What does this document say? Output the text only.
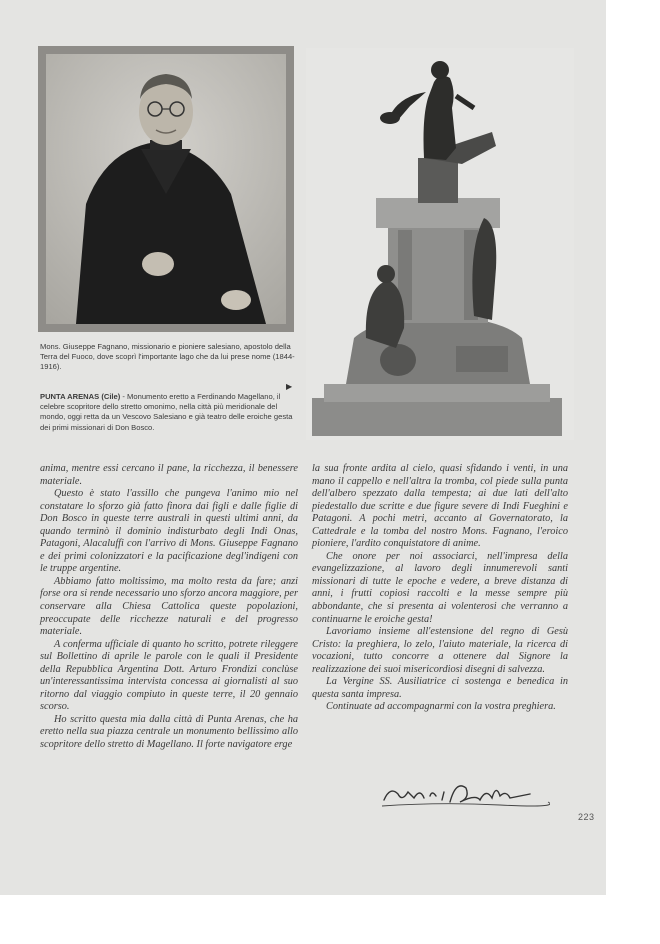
Mons. Giuseppe Fagnano, missionario e pioniere salesiano, apostolo della Terra del Fuoco, dove scoprì l'importante lago che da lui prese nome (1844-1916).
▶
PUNTA ARENAS (Cile) - Monumento eretto a Ferdinando Magellano, il celebre scopritore dello stretto omonimo, nella città più meridionale del mondo, oggi retta da un Vescovo Salesiano e già teatro delle eroiche gesta dei primi missionari di Don Bosco.

anima, mentre essi cercano il pane, la ricchezza, il benessere materiale.

Questo è stato l'assillo che pungeva l'animo mio nel constatare lo sforzo già fatto finora dai figli e dalle figlie di Don Bosco in queste terre australi in questi ultimi anni, da quando terminò il dominio indisturbato degli Indi Onas, Patagoni, Alacaluffi con l'arrivo di Mons. Giuseppe Fagnano e dei primi colonizzatori e la pacificazione degl'indigeni con le truppe argentine.

Abbiamo fatto moltissimo, ma molto resta da fare; anzi forse ora si rende necessario uno sforzo ancora maggiore, per conservare alla Chiesa Cattolica queste popolazioni, preoccupate delle ricchezze naturali e del progresso materiale.

A conferma ufficiale di quanto ho scritto, potrete rileggere sul Bollettino di aprile le parole con le quali il Presidente della Repubblica Argentina Dott. Arturo Frondizi conclùse un'interessantissima intervista concessa ai giornalisti al suo ritorno dal viaggio compiuto in queste terre, il 20 gennaio scorso.

Ho scritto questa mia dalla città di Punta Arenas, che ha eretto nella sua piazza centrale un monumento bellissimo allo scopritore dello stretto di Magellano. Il forte navigatore erge

la sua fronte ardita al cielo, quasi sfidando i venti, in una mano il cappello e nell'altra la tromba, col piede sulla punta dell'albero spezzato dalla tempesta; ai due lati dell'alto piedestallo due scritte e due figure severe di Indi Fueghini e Patagoni. A pochi metri, accanto al Governatorato, la Cattedrale e la tomba del nostro Mons. Fagnano, l'eroico pioniere, l'ardito conquistatore di anime.

Che onore per noi associarci, nell'impresa della evangelizzazione, al lavoro degli innumerevoli santi missionari di tutte le epoche e vedere, a breve distanza di anni, i frutti copiosi raccolti e la messe sempre più abbondante, che si presenta ai volenterosi che verranno a continuarne le eroiche gesta!

Lavoriamo insieme all'estensione del regno di Gesù Cristo: la preghiera, lo zelo, l'aiuto materiale, la ricerca di vocazioni, tutto concorre a ottenere dal Signore la realizzazione dei suoi misericordiosi disegni di salvezza.

La Vergine SS. Ausiliatrice ci sostenga e benedica in questa santa impresa.

Continuate ad accompagnarmi con la vostra preghiera.

223
